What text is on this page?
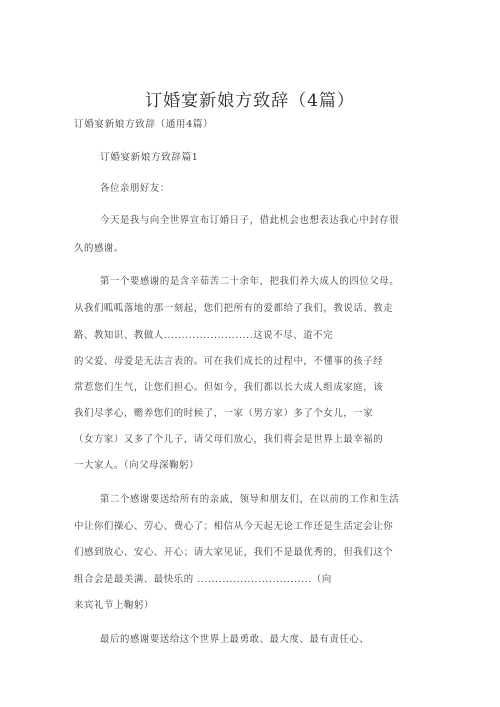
订婚宴新娘方致辞（4篇）
订婚宴新娘方致辞（通用4篇）
订婚宴新娘方致辞篇1
各位亲朋好友：
今天是我与向全世界宣布订婚日子，借此机会也想表达我心中封存很
久的感谢。
第一个要感谢的是含辛茹苦二十余年，把我们养大成人的四位父母。
从我们呱呱落地的那一刻起，您们把所有的爱都给了我们，教说话、教走
路、教知识、教做人.........................这说不尽、道不完
的父爱、母爱是无法言表的。可在我们成长的过程中，不懂事的孩子经
常惹您们生气，让您们担心。但如今，我们都以长大成人组成家庭，该
我们尽孝心，赡养您们的时候了，一家（男方家）多了个女儿，一家
（女方家）又多了个儿子，请父母们放心，我们将会是世界上最幸福的
一大家人。（向父母深鞠躬）
第二个感谢要送给所有的亲戚，领导和朋友们，在以前的工作和生活
中让你们操心、劳心、费心了；相信从今天起无论工作还是生活定会让你
们感到放心、安心、开心；请大家见证，我们不是最优秀的，但我们这个
组合会是最美满、最快乐的 ................................（向
来宾礼节上鞠躬）
最后的感谢要送给这个世界上最勇敢、最大度、最有责任心、
